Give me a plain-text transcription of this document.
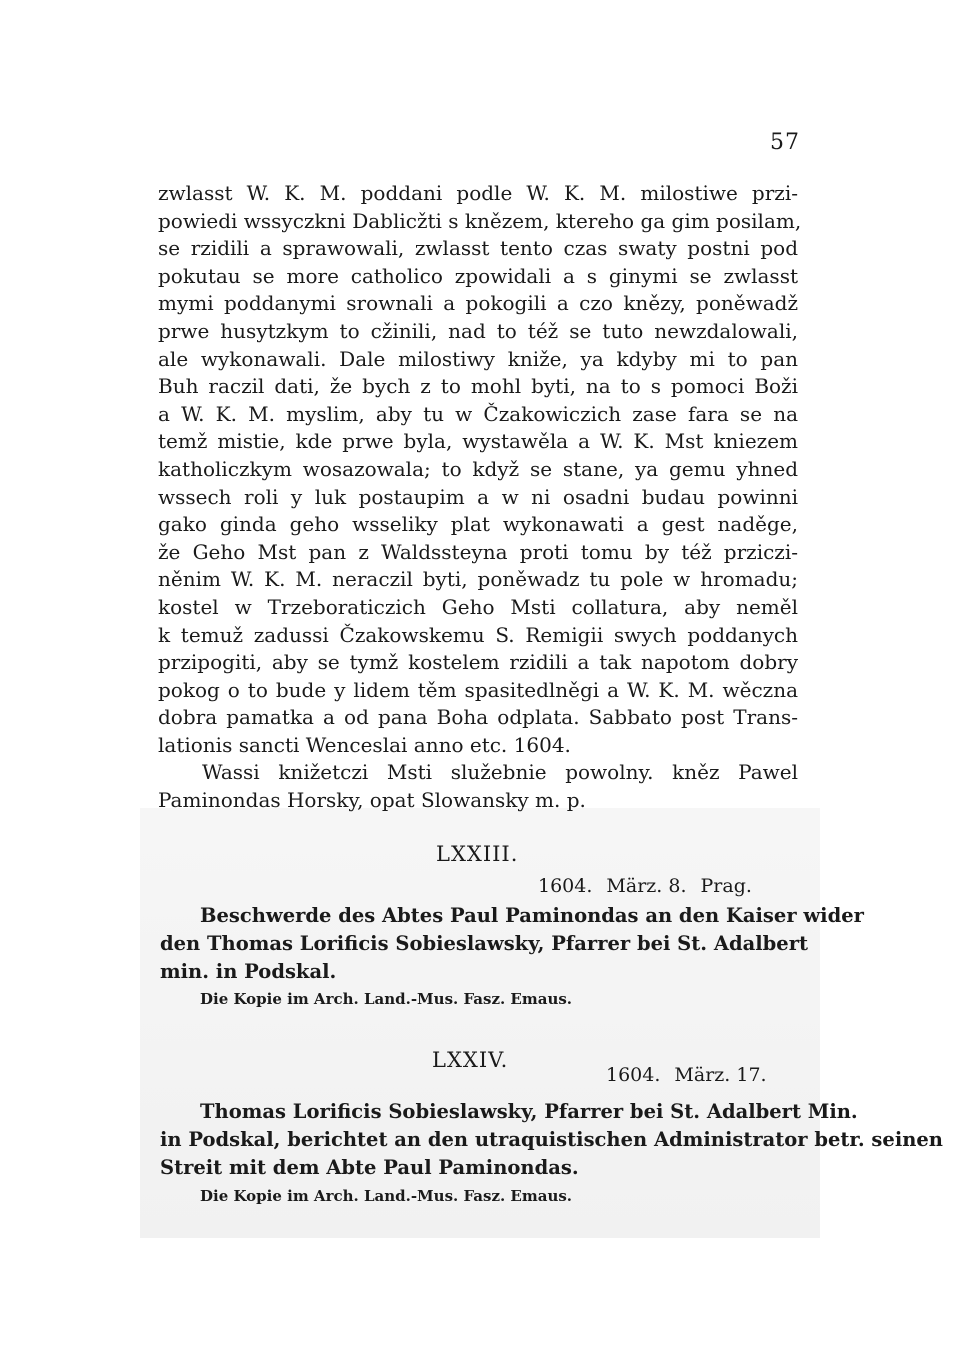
57
zwlasst W. K. M. poddani podle W. K. M. milostiwe przi-
powiedi wssyczkni Dablicžti s knězem, ktereho ga gim posilam,
se rzidili a sprawowali, zwlasst tento czas swaty postni pod
pokutau se more catholico zpowidali a s ginymi se zwlasst
mymi poddanymi srownali a pokogili a czo knězy, poněwadž
prwe husytzkym to cžinili, nad to též se tuto newzdalowali,
ale wykonawali. Dale milostiwy kniže, ya kdyby mi to pan
Buh raczil dati, že bych z to mohl byti, na to s pomoci Boži
a W. K. M. myslim, aby tu w Čzakowiczich zase fara se na
temž mistie, kde prwe byla, wystawěla a W. K. Mst kniezem
katholiczkym wosazowala; to když se stane, ya gemu yhned
wssech roli y luk postaupim a w ni osadni budau powinni
gako ginda geho wsseliky plat wykonawati a gest naděge,
že Geho Mst pan z Waldssteyna proti tomu by též prziczi-
něnim W. K. M. neraczil byti, poněwadz tu pole w hromadu;
kostel w Trzeboraticzich Geho Msti collatura, aby neměl
k temuž zadussi Čzakowskemu S. Remigii swych poddanych
przipogiti, aby se tymž kostelem rzidili a tak napotom dobry
pokog o to bude y lidem těm spasitedlněgi a W. K. M. wěczna
dobra pamatka a od pana Boha odplata. Sabbato post Trans-
lationis sancti Wenceslai anno etc. 1604.
Wassi knižetczi Msti služebnie powolny. kněz Pawel
Paminondas Horsky, opat Slowansky m. p.
LXXIII.
1604. März. 8. Prag.
Beschwerde des Abtes Paul Paminondas an den Kaiser wider
den Thomas Lorificis Sobieslawsky, Pfarrer bei St. Adalbert
min. in Podskal.
Die Kopie im Arch. Land.-Mus. Fasz. Emaus.
LXXIV.
1604. März. 17.
Thomas Lorificis Sobieslawsky, Pfarrer bei St. Adalbert Min.
in Podskal, berichtet an den utraquistischen Administrator betr. seinen
Streit mit dem Abte Paul Paminondas.
Die Kopie im Arch. Land.-Mus. Fasz. Emaus.
